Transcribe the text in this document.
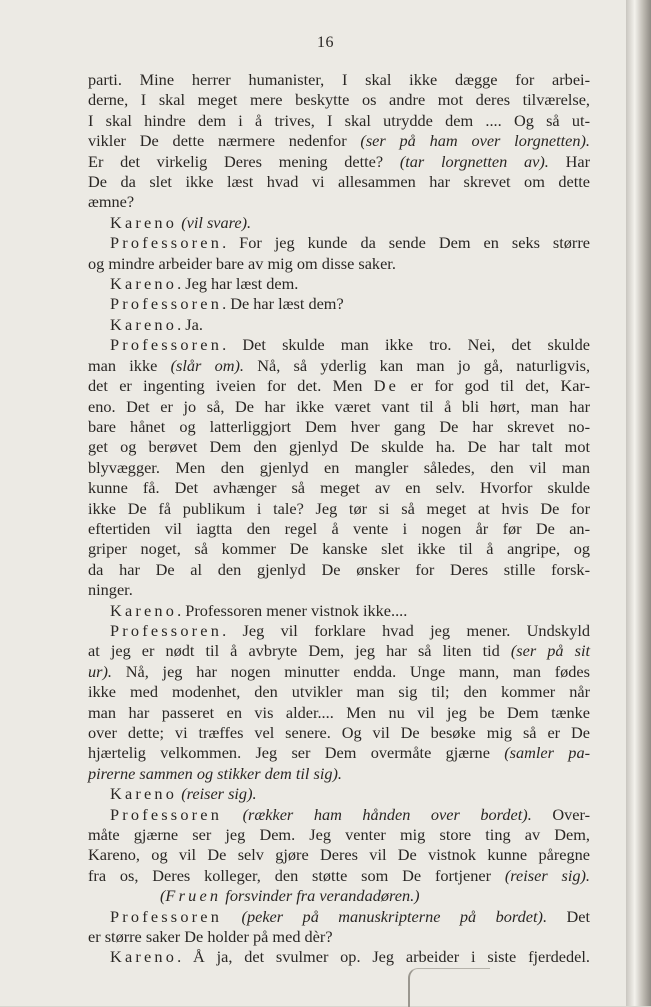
16
parti. Mine herrer humanister, I skal ikke dægge for arbei-
derne, I skal meget mere beskytte os andre mot deres tilværelse,
I skal hindre dem i å trives, I skal utrydde dem .... Og så ut-
vikler De dette nærmere nedenfor (ser på ham over lorgnetten).
Er det virkelig Deres mening dette? (tar lorgnetten av). Har
De da slet ikke læst hvad vi allesammen har skrevet om dette
æmne?
Kareno (vil svare).
Professoren. For jeg kunde da sende Dem en seks større
og mindre arbeider bare av mig om disse saker.
Kareno. Jeg har læst dem.
Professoren. De har læst dem?
Kareno. Ja.
Professoren. Det skulde man ikke tro. Nei, det skulde
man ikke (slår om). Nå, så yderlig kan man jo gå, naturligvis,
det er ingenting iveien for det. Men De er for god til det, Kar-
eno. Det er jo så, De har ikke været vant til å bli hørt, man har
bare hånet og latterliggjort Dem hver gang De har skrevet no-
get og berøvet Dem den gjenlyd De skulde ha. De har talt mot
blyvægger. Men den gjenlyd en mangler således, den vil man
kunne få. Det avhænger så meget av en selv. Hvorfor skulde
ikke De få publikum i tale? Jeg tør si så meget at hvis De for
eftertiden vil iagtta den regel å vente i nogen år før De an-
griper noget, så kommer De kanske slet ikke til å angripe, og
da har De al den gjenlyd De ønsker for Deres stille forsk-
ninger.
Kareno. Professoren mener vistnok ikke....
Professoren. Jeg vil forklare hvad jeg mener. Undskyld
at jeg er nødt til å avbryte Dem, jeg har så liten tid (ser på sit
ur). Nå, jeg har nogen minutter endda. Unge mann, man fødes
ikke med modenhet, den utvikler man sig til; den kommer når
man har passeret en vis alder.... Men nu vil jeg be Dem tænke
over dette; vi træffes vel senere. Og vil De besøke mig så er De
hjærtelig velkommen. Jeg ser Dem overmåte gjærne (samler pa-
pirerne sammen og stikker dem til sig).
Kareno (reiser sig).
Professoren (rækker ham hånden over bordet). Over-
måte gjærne ser jeg Dem. Jeg venter mig store ting av Dem,
Kareno, og vil De selv gjøre Deres vil De vistnok kunne påregne
fra os, Deres kolleger, den støtte som De fortjener (reiser sig).
(Fruen forsvinder fra verandadøren.)
Professoren (peker på manuskripterne på bordet). Det
er større saker De holder på med dèr?
Kareno. Å ja, det svulmer op. Jeg arbeider i siste fjerdedel.
